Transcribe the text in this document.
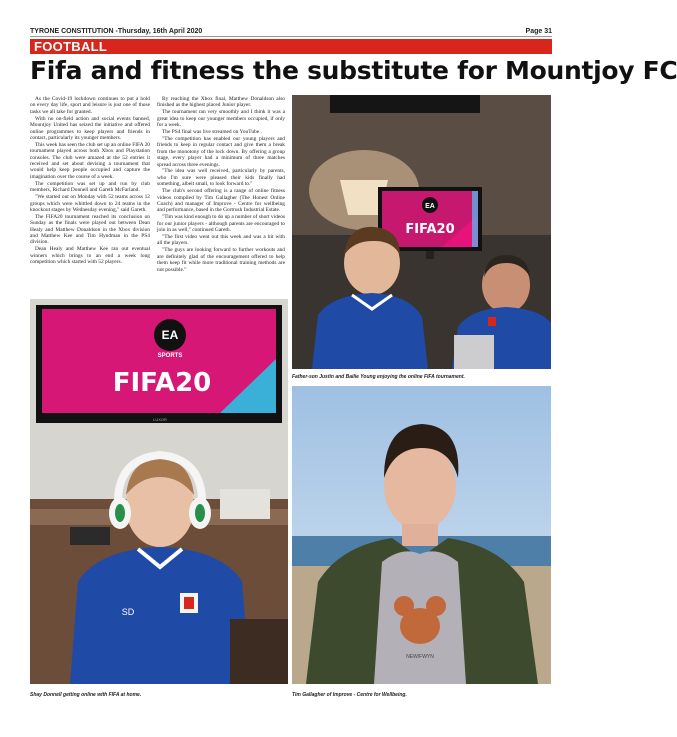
TYRONE CONSTITUTION -Thursday, 16th April 2020	Page 31
FOOTBALL
Fifa and fitness the substitute for Mountjoy FC

As the Covid-19 lockdown continues to put a hold on every day life, sport and leisure is just one of those tasks we all take for granted.

With no on-field action and social events banned, Mountjoy United has seized the initiative and offered online programmes to keep players and friends in contact, particularly its younger members.

This week has seen the club set up an online FIFA 20 tournament played across both Xbox and Playstation consoles. The club were amazed at the 52 entries it received and set about devising a tournament that would help keep people occupied and capture the imagination over the course of a week.

The competition was set up and run by club members, Richard Donnell and Gareth McFarland.

"We started out on Monday with 52 teams across 12 groups which were whittled down to 24 teams in the knockout stages by Wednesday evening," said Gareth.

The FIFA20 tournament reached its conclusion on Sunday as the finals were played out between Dean Healy and Matthew Donaldson in the Xbox division and Matthew Kee and Tim Hyndman in the PS4 division.

Dean Healy and Matthew Kee ran out eventual winners which brings to an end a week long competition which started with 52 players.

By reaching the Xbox final, Matthew Donaldson also finished as the highest placed Junior player.

The tournament ran very smoothly and I think it was a great idea to keep our younger members occupied, if only for a week.

The PS4 final was live streamed on YouTube .

"The competition has enabled our young players and friends to keep in regular contact and give them a break from the monotony of the lock down. By offering a group stage, every player had a minimum of three matches spread across three evenings.

"The idea was well received, particularly by parents, who I'm sure were pleased their kids finally had something, albeit small, to look forward to."

The club's second offering is a range of online fitness videos compiled by Tim Gallagher (The Honest Online Coach) and manager of Improve - Centre for wellbeing and performance, based in the Gortrush Industrial Estate.

"Tim was kind enough to do up a number of short videos for our junior players - although parents are encouraged to join in as well," continued Gareth.

"The first video went out this week and was a hit with all the players.

"The guys are looking forward to further workouts and are definitely glad of the encouragement offered to help them keep fit while more traditional training methods are not possible."

EA
FIFA20
Father-son Justin and Bailie Young enjoying the online FIFA tournament.
EA
SPORTS
FIFA20
LUXOR
SD
Shay Donnell getting online with FIFA at home.
NEW/FWYN
Tim Gallagher of Improve - Centre for Wellbeing.
